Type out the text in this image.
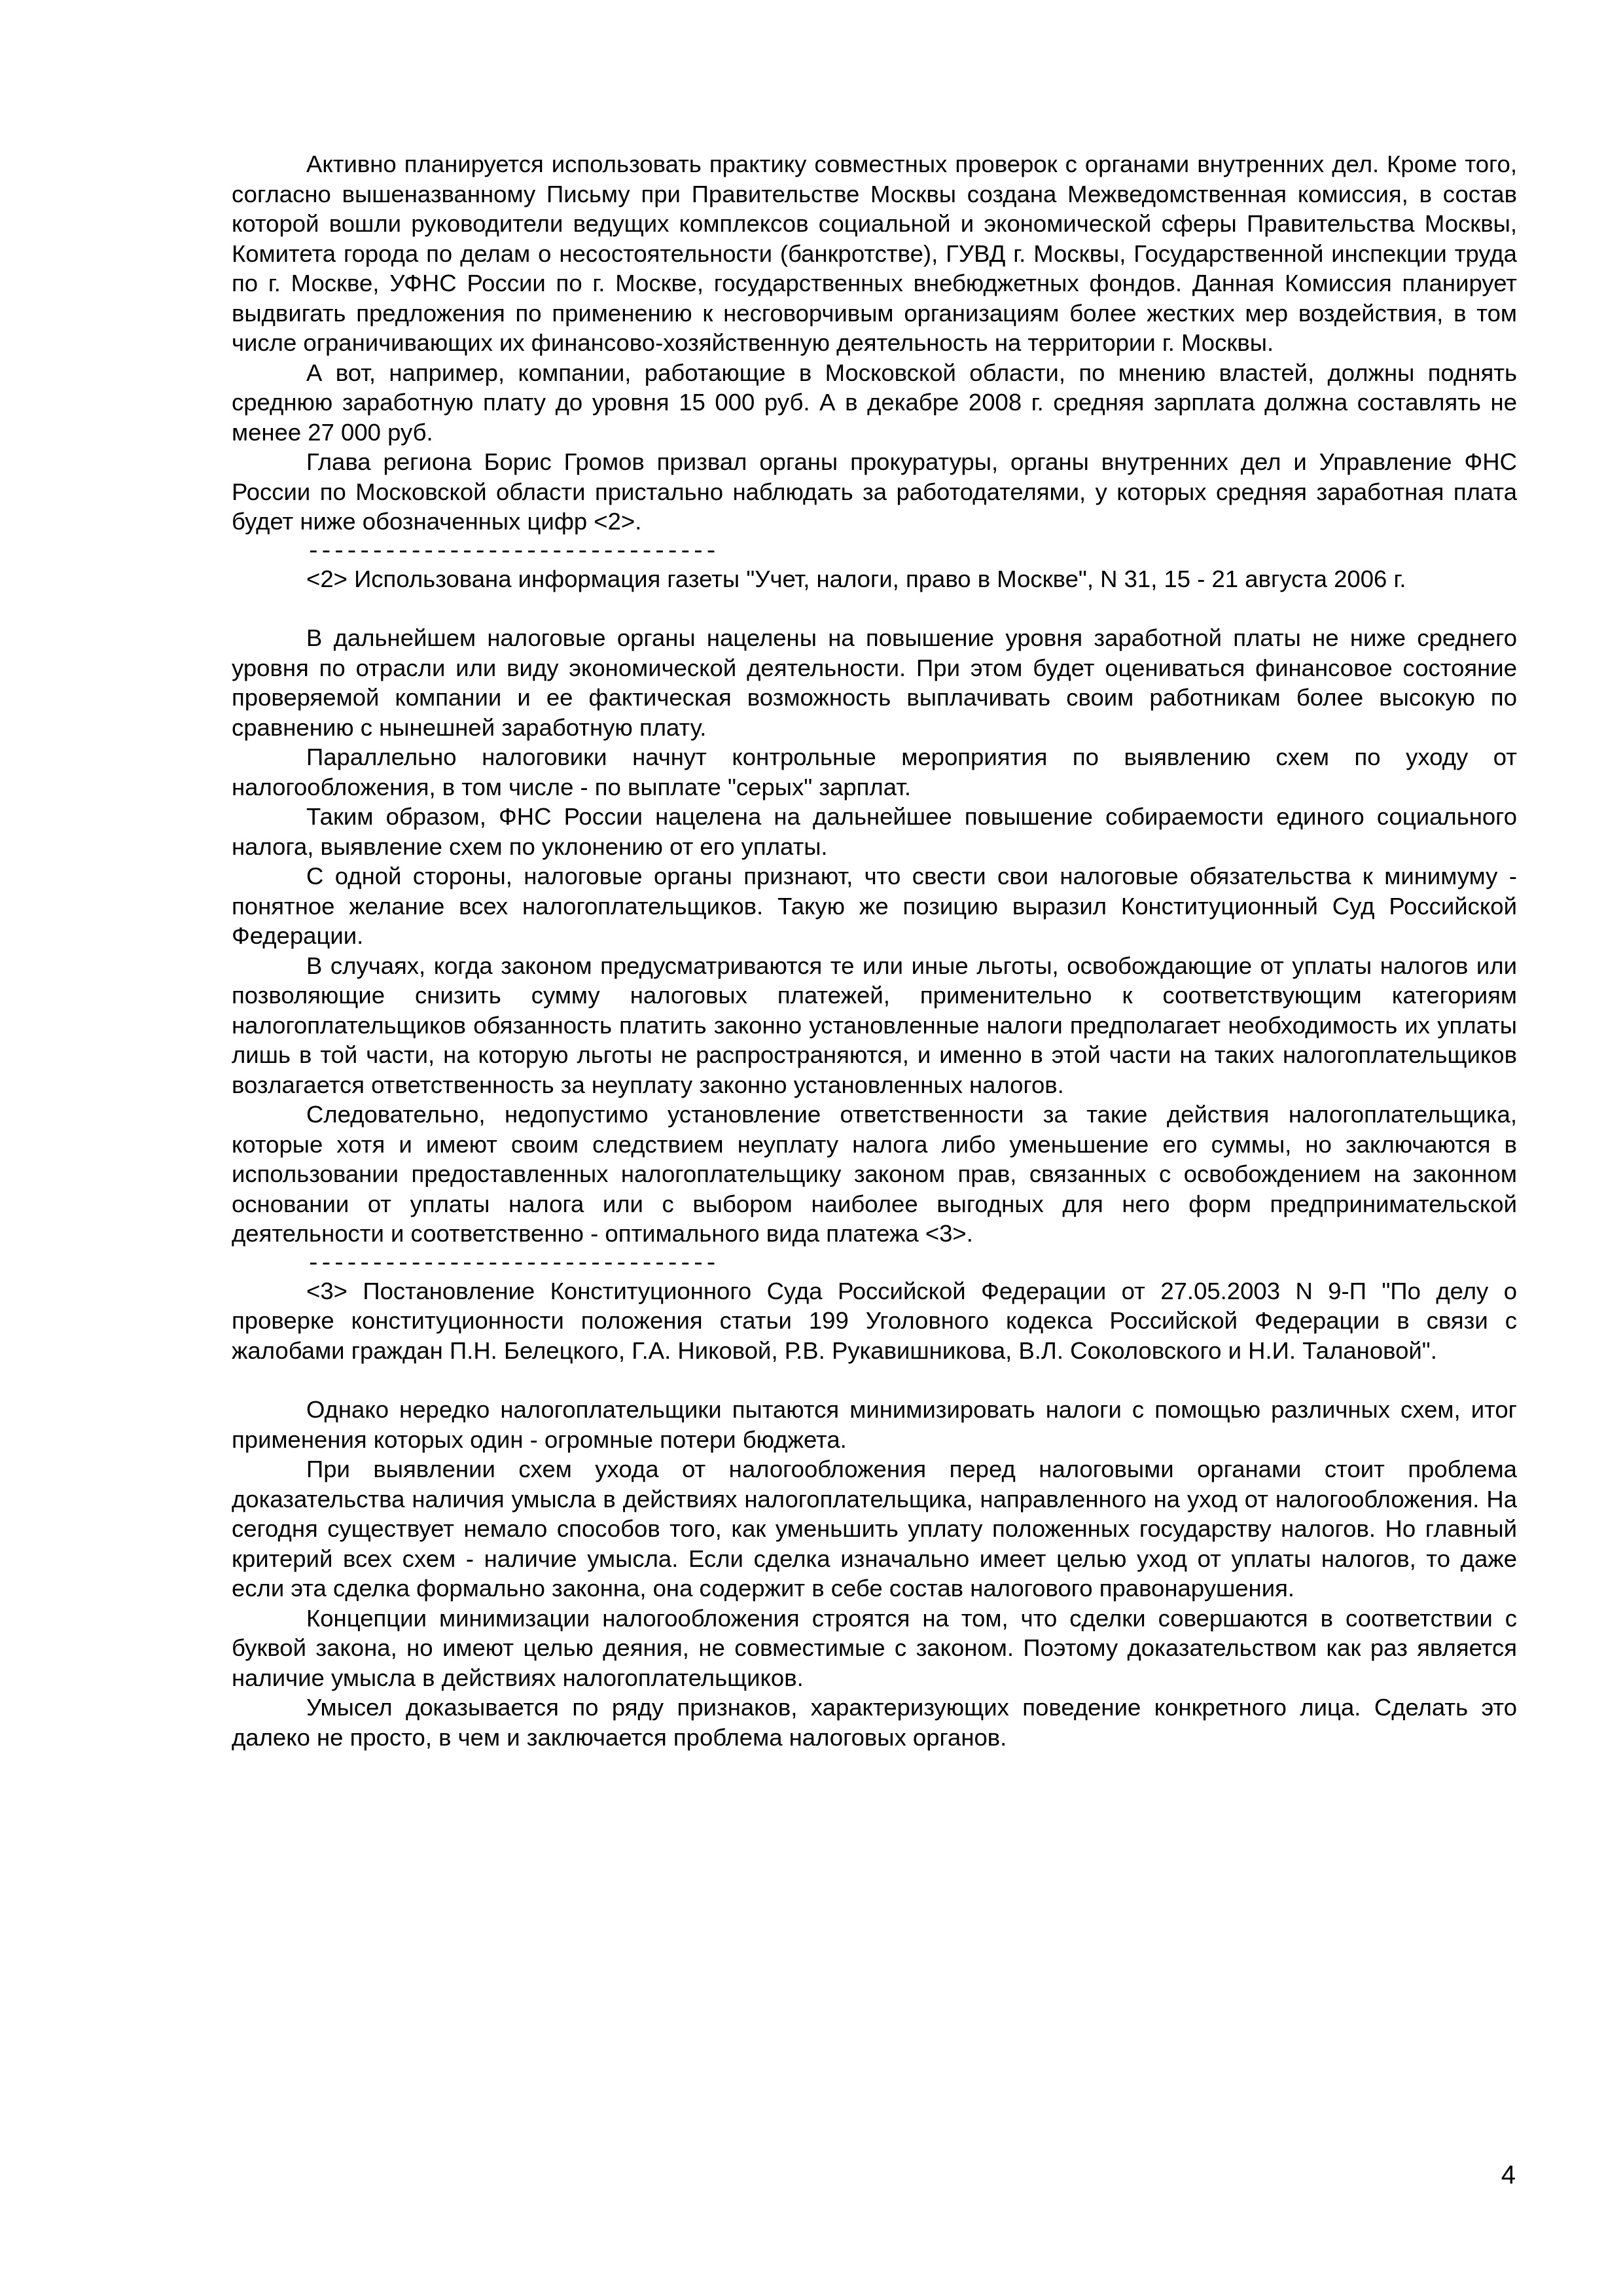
Активно планируется использовать практику совместных проверок с органами внутренних дел. Кроме того, согласно вышеназванному Письму при Правительстве Москвы создана Межведомственная комиссия, в состав которой вошли руководители ведущих комплексов социальной и экономической сферы Правительства Москвы, Комитета города по делам о несостоятельности (банкротстве), ГУВД г. Москвы, Государственной инспекции труда по г. Москве, УФНС России по г. Москве, государственных внебюджетных фондов. Данная Комиссия планирует выдвигать предложения по применению к несговорчивым организациям более жестких мер воздействия, в том числе ограничивающих их финансово-хозяйственную деятельность на территории г. Москвы.

А вот, например, компании, работающие в Московской области, по мнению властей, должны поднять среднюю заработную плату до уровня 15 000 руб. А в декабре 2008 г. средняя зарплата должна составлять не менее 27 000 руб.

Глава региона Борис Громов призвал органы прокуратуры, органы внутренних дел и Управление ФНС России по Московской области пристально наблюдать за работодателями, у которых средняя заработная плата будет ниже обозначенных цифр <2>.

--------------------------------

<2> Использована информация газеты "Учет, налоги, право в Москве", N 31, 15 - 21 августа 2006 г.

В дальнейшем налоговые органы нацелены на повышение уровня заработной платы не ниже среднего уровня по отрасли или виду экономической деятельности. При этом будет оцениваться финансовое состояние проверяемой компании и ее фактическая возможность выплачивать своим работникам более высокую по сравнению с нынешней заработную плату.

Параллельно налоговики начнут контрольные мероприятия по выявлению схем по уходу от налогообложения, в том числе - по выплате "серых" зарплат.

Таким образом, ФНС России нацелена на дальнейшее повышение собираемости единого социального налога, выявление схем по уклонению от его уплаты.

С одной стороны, налоговые органы признают, что свести свои налоговые обязательства к минимуму - понятное желание всех налогоплательщиков. Такую же позицию выразил Конституционный Суд Российской Федерации.

В случаях, когда законом предусматриваются те или иные льготы, освобождающие от уплаты налогов или позволяющие снизить сумму налоговых платежей, применительно к соответствующим категориям налогоплательщиков обязанность платить законно установленные налоги предполагает необходимость их уплаты лишь в той части, на которую льготы не распространяются, и именно в этой части на таких налогоплательщиков возлагается ответственность за неуплату законно установленных налогов.

Следовательно, недопустимо установление ответственности за такие действия налогоплательщика, которые хотя и имеют своим следствием неуплату налога либо уменьшение его суммы, но заключаются в использовании предоставленных налогоплательщику законом прав, связанных с освобождением на законном основании от уплаты налога или с выбором наиболее выгодных для него форм предпринимательской деятельности и соответственно - оптимального вида платежа <3>.

--------------------------------

<3> Постановление Конституционного Суда Российской Федерации от 27.05.2003 N 9-П "По делу о проверке конституционности положения статьи 199 Уголовного кодекса Российской Федерации в связи с жалобами граждан П.Н. Белецкого, Г.А. Никовой, Р.В. Рукавишникова, В.Л. Соколовского и Н.И. Талановой".

Однако нередко налогоплательщики пытаются минимизировать налоги с помощью различных схем, итог применения которых один - огромные потери бюджета.

При выявлении схем ухода от налогообложения перед налоговыми органами стоит проблема доказательства наличия умысла в действиях налогоплательщика, направленного на уход от налогообложения. На сегодня существует немало способов того, как уменьшить уплату положенных государству налогов. Но главный критерий всех схем - наличие умысла. Если сделка изначально имеет целью уход от уплаты налогов, то даже если эта сделка формально законна, она содержит в себе состав налогового правонарушения.

Концепции минимизации налогообложения строятся на том, что сделки совершаются в соответствии с буквой закона, но имеют целью деяния, не совместимые с законом. Поэтому доказательством как раз является наличие умысла в действиях налогоплательщиков.

Умысел доказывается по ряду признаков, характеризующих поведение конкретного лица. Сделать это далеко не просто, в чем и заключается проблема налоговых органов.

4
